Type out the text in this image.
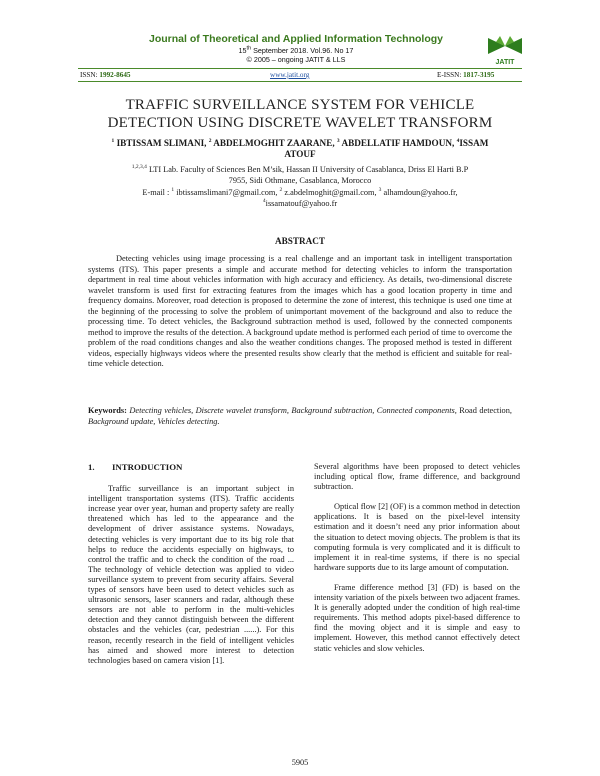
Journal of Theoretical and Applied Information Technology
15th September 2018. Vol.96. No 17
© 2005 – ongoing JATIT & LLS	JATIT
ISSN: 1992-8645	www.jatit.org	E-ISSN: 1817-3195
TRAFFIC SURVEILLANCE SYSTEM FOR VEHICLE
DETECTION USING DISCRETE WAVELET TRANSFORM
$^1$ IBTISSAM SLIMANI, $^2$ ABDELMOGHIT ZAARANE, $^3$ ABDELLATIF HAMDOUN, $^4$ISSAM
ATOUF
$^{1,2,3,4}$ LTI Lab. Faculty of Sciences Ben M’sik, Hassan II University of Casablanca, Driss El Harti B.P
7955, Sidi Othmane, Casablanca, Morocco
E-mail : $^1$ ibtissamslimani7@gmail.com, $^2$ z.abdelmoghit@gmail.com, $^3$ alhamdoun@yahoo.fr,
$^4$issamatouf@yahoo.fr
ABSTRACT
Detecting vehicles using image processing is a real challenge and an important task in intelligent transportation systems (ITS). This paper presents a simple and accurate method for detecting vehicles to inform the transportation department in real time about vehicles information with high accuracy and efficiency. As details, two-dimensional discrete wavelet transform is used first for extracting features from the images which has a good location property in time and frequency domains. Moreover, road detection is proposed to determine the zone of interest, this technique is used one time at the beginning of the processing to solve the problem of unimportant movement of the background and also to reduce the processing time. To detect vehicles, the Background subtraction method is used, followed by the connected components method to improve the results of the detection. A background update method is performed each period of time to overcome the problem of the road conditions changes and also the weather conditions changes. The proposed method is tested in different videos, especially highways videos where the presented results show clearly that the method is efficient and suitable for real-time vehicle detection.
Keywords: Detecting vehicles, Discrete wavelet transform, Background subtraction, Connected components, Road detection, Background update, Vehicles detecting.
1. INTRODUCTION

Traffic surveillance is an important subject in intelligent transportation systems (ITS). Traffic accidents increase year over year, human and property safety are really threatened which has led to the appearance and the development of driver assistance systems. Nowadays, detecting vehicles is very important due to its big role that helps to reduce the accidents especially on highways, to control the traffic and to check the condition of the road ... The technology of vehicle detection was applied to video surveillance system to prevent from security affairs. Several types of sensors have been used to detect vehicles such as ultrasonic sensors, laser scanners and radar, although these sensors are not able to perform in the multi-vehicles detection and they cannot distinguish between the different obstacles and the vehicles (car, pedestrian ......). For this reason, recently research in the field of intelligent vehicles has aimed and showed more interest to detection technologies based on camera vision [1].

Several algorithms have been proposed to detect vehicles including optical flow, frame difference, and background subtraction.

Optical flow [2] (OF) is a common method in detection applications. It is based on the pixel-level intensity estimation and it doesn’t need any prior information about the situation to detect moving objects. The problem is that its computing formula is very complicated and it is difficult to implement it in real-time systems, if there is no special hardware supports due to its large amount of computation.

Frame difference method [3] (FD) is based on the intensity variation of the pixels between two adjacent frames. It is generally adopted under the condition of high real-time requirements. This method adopts pixel-based difference to find the moving object and it is simple and easy to implement. However, this method cannot effectively detect static vehicles and slow vehicles.

5905
